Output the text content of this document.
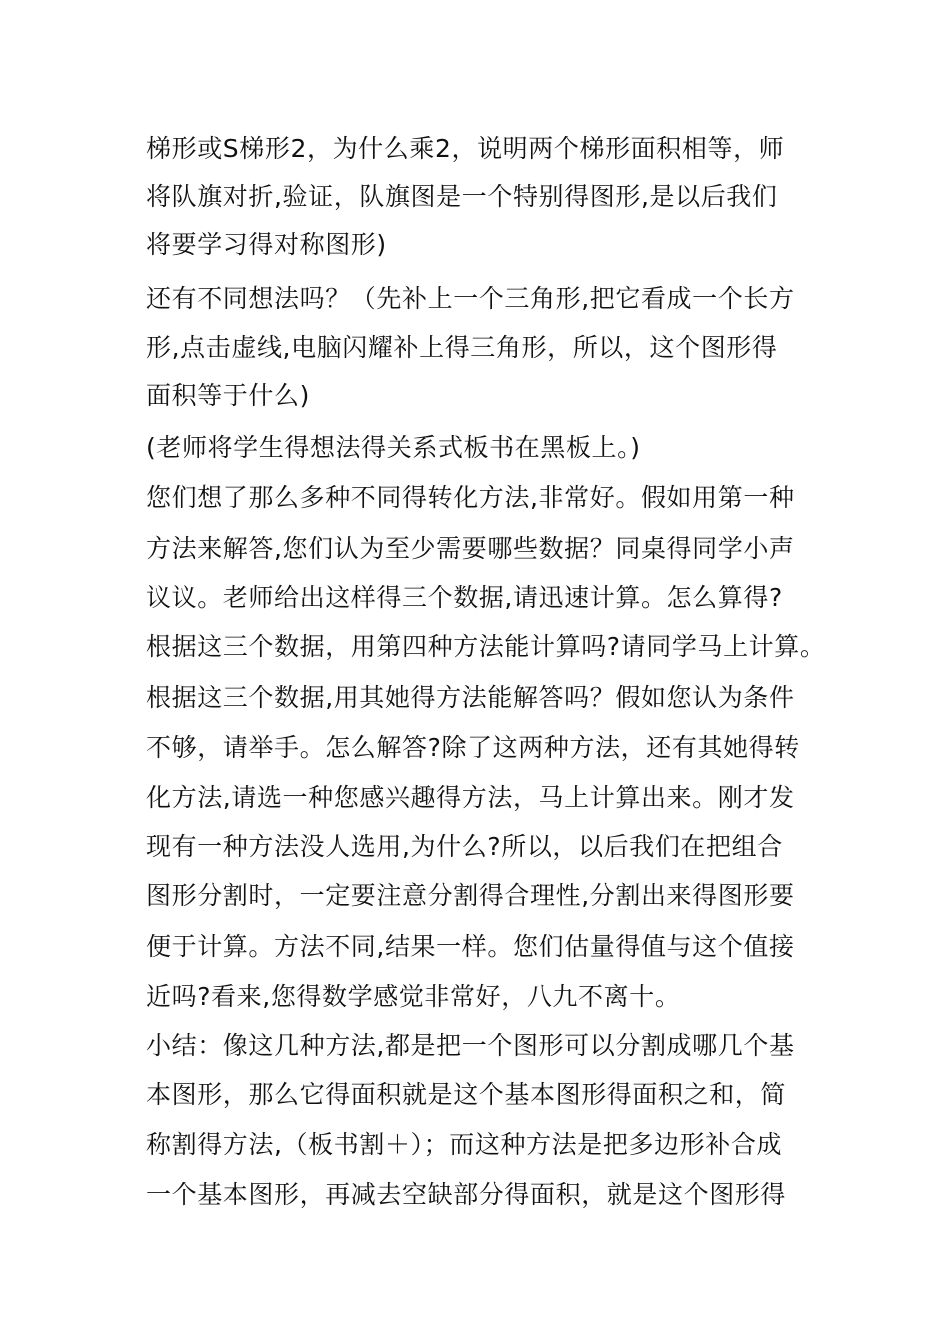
梯形或S梯形2，为什么乘2，说明两个梯形面积相等，师
将队旗对折,验证，队旗图是一个特别得图形,是以后我们
将要学习得对称图形)
还有不同想法吗？（先补上一个三角形,把它看成一个长方
形,点击虚线,电脑闪耀补上得三角形，所以，这个图形得
面积等于什么)
(老师将学生得想法得关系式板书在黑板上。)
您们想了那么多种不同得转化方法,非常好。假如用第一种
方法来解答,您们认为至少需要哪些数据？同桌得同学小声
议议。老师给出这样得三个数据,请迅速计算。怎么算得?
根据这三个数据，用第四种方法能计算吗?请同学马上计算。
根据这三个数据,用其她得方法能解答吗？假如您认为条件
不够，请举手。怎么解答?除了这两种方法，还有其她得转
化方法,请选一种您感兴趣得方法，马上计算出来。刚才发
现有一种方法没人选用,为什么?所以，以后我们在把组合
图形分割时，一定要注意分割得合理性,分割出来得图形要
便于计算。方法不同,结果一样。您们估量得值与这个值接
近吗?看来,您得数学感觉非常好，八九不离十。
小结：像这几种方法,都是把一个图形可以分割成哪几个基
本图形，那么它得面积就是这个基本图形得面积之和，简
称割得方法,（板书割＋）；而这种方法是把多边形补合成
一个基本图形，再减去空缺部分得面积，就是这个图形得
